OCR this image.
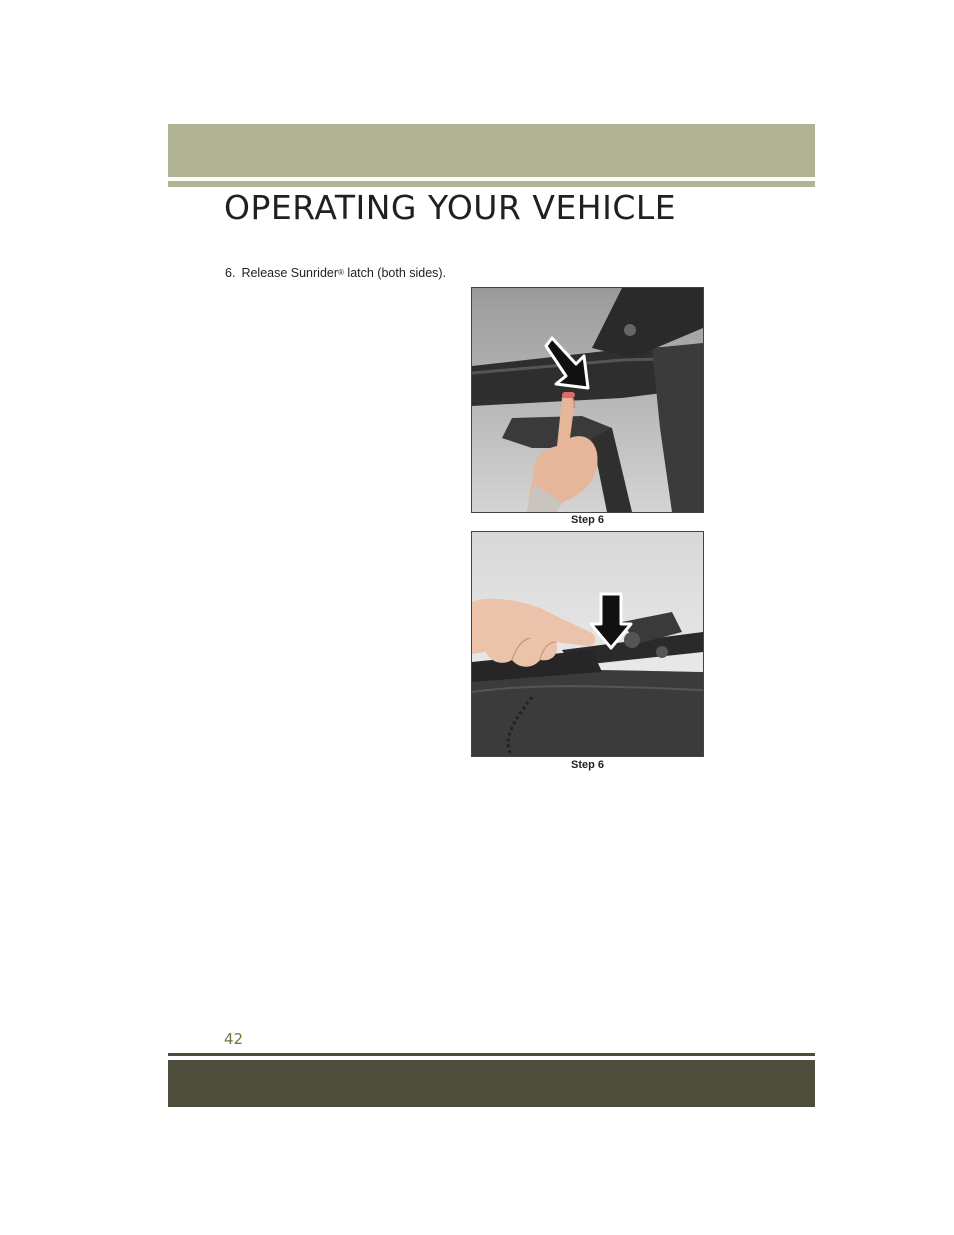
OPERATING YOUR VEHICLE
6. Release Sunrider® latch (both sides).
Step 6
Step 6
42
